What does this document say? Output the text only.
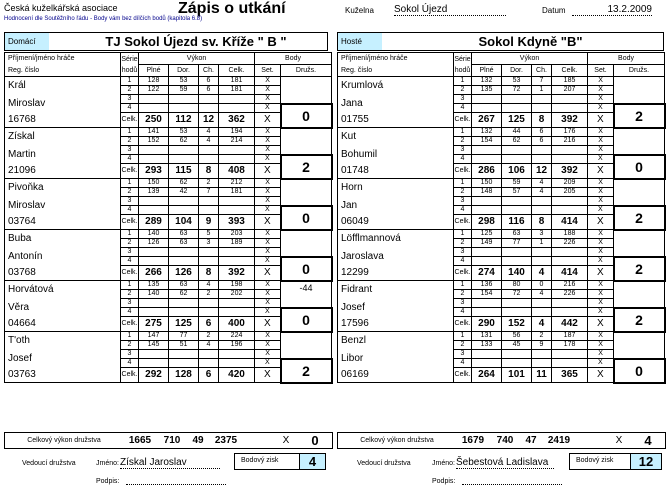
Česká kuželkářská asociace	Zápis o utkání
Hodnocení dle Soutěžního řádu - Body vám bez dílčích bodů (kapitola 6.8)
Kuželna Sokol Újezd	Datum	13.2.2009
Domácí	TJ Sokol Újezd sv. Kříže " B "	Hosté	Sokol Kdyně "B"
Příjmení/jméno hráče	Série hodů	Výkon				Body	
Reg. číslo		Plné	Dor.	Ch.	Celk.	Set.	Družs.
Král	1	128	53	6	181	X	
	2	122	59	6	181	X	
Miroslav	3					X	
	4					X	0
16768	Celk.	250	112	12	362	X	
Získal	1	141	53	4	194	X	
	2	152	62	4	214	X	
Martin	3					X	
	4					X	2
21096	Celk.	293	115	8	408	X	
Pivoňka	1	150	62	2	212	X	
	2	139	42	7	181	X	
Miroslav	3					X	
	4					X	0
03764	Celk.	289	104	9	393	X	
Buba	1	140	63	5	203	X	
	2	126	63	3	189	X	
Antonín	3					X	
	4					X	0
03768	Celk.	266	126	8	392	X	
Horvátová	1	135	63	4	198	X	-44
	2	140	62	2	202	X	
Věra	3					X	
	4					X	0
04664	Celk.	275	125	6	400	X	
T'oth	1	147	77	2	224	X	
	2	145	51	4	196	X	
Josef	3					X	
	4					X	2
03763	Celk.	292	128	6	420	X	
Příjmení/jméno hráče	Série hodů	Výkon				Body	
Reg. číslo		Plné	Dor.	Ch.	Celk.	Set.	Družs.
Krumlová	1	132	53	7	185	X	
	2	135	72	1	207	X	
Jana	3					X	
	4					X	2
01755	Celk.	267	125	8	392	X	
Kut	1	132	44	6	176	X	
	2	154	62	6	216	X	
Bohumil	3					X	
	4					X	0
01748	Celk.	286	106	12	392	X	
Horn	1	150	59	4	209	X	
	2	148	57	4	205	X	
Jan	3					X	
	4					X	2
06049	Celk.	298	116	8	414	X	
Löfflmannová	1	125	63	3	188	X	
	2	149	77	1	226	X	
Jaroslava	3					X	
	4					X	2
12299	Celk.	274	140	4	414	X	
Fidrant	1	136	80	0	216	X	
	2	154	72	4	226	X	
Josef	3					X	
	4					X	2
17596	Celk.	290	152	4	442	X	
Benzl	1	131	56	2	187	X	
	2	133	45	9	178	X	
Libor	3					X	
	4					X	0
06169	Celk.	264	101	11	365	X	
Celkový výkon družstva	1665	710	49	2375	X	0	Celkový výkon družstva	1679	740	47	2419	X	4
Vedoucí družstva	Jméno: Získal Jaroslav
Podpis:
Bodový zisk	4	Vedoucí družstva	Jméno: Šebestová Ladislava
Podpis:
Bodový zisk	12
